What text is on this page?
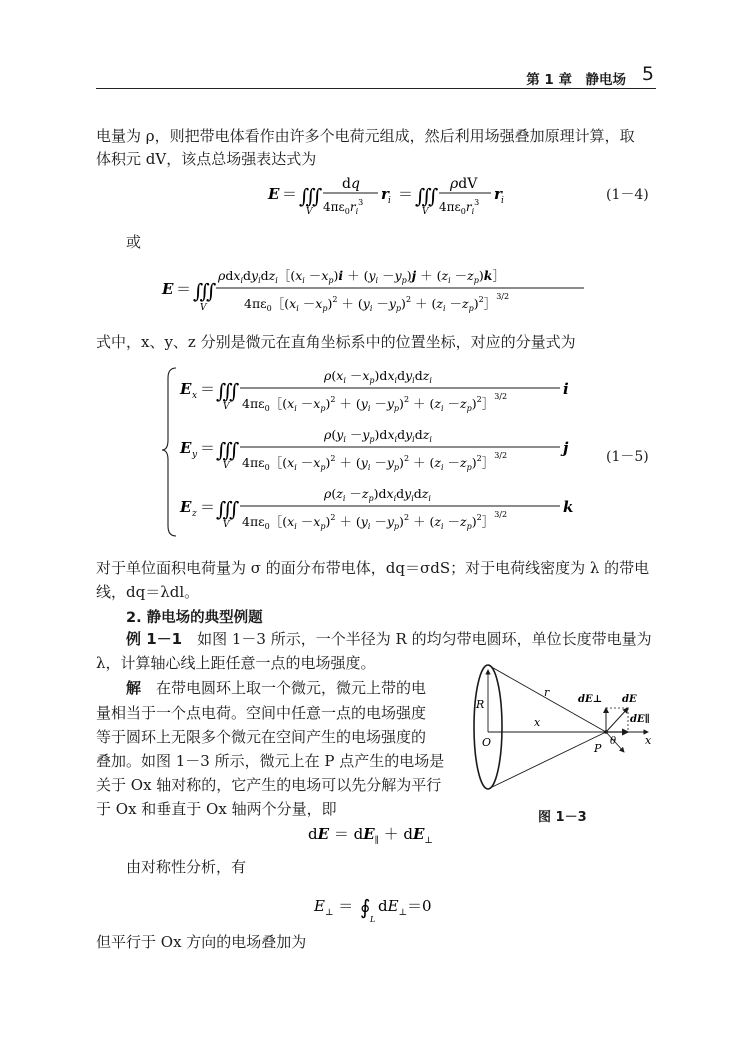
第 1 章　静电场 5
电量为 ρ，则把带电体看作由许多个电荷元组成，然后利用场强叠加原理计算，取
体积元 dV，该点总场强表达式为
E ＝ ∭
V
dq
$4\pi\varepsilon_0r_i^3$ r i ＝ ∭
V
ρdV
$4\pi\varepsilon_0r_i^3$ r i	(1－4)
或
E ＝ ∭
V
$\rho dx_idy_idz_i[(x_i -x_p)i + (y_i -y_p)j + (z_i$ $-z_p)k]$
$4\pi\varepsilon_0[(x_i -x_p)^2 + (y_i -y_p)^2 + (z_i$ $-z_p)^2]^{3/2}$
式中，x、y、z 分别是微元在直角坐标系中的位置坐标，对应的分量式为
E x ＝ ∭
V
$\rho(x_i -x_p)dx_idy_idz_i$
$4\pi\varepsilon_0[(x_i -x_p)^2 + (y_i -y_p)^2 + (z_i$ $-z_p)^2]^{3/2}$	i
E y ＝ ∭
V
$\rho(y_i -y_p)dx_idy_idz_i$
$4\pi\varepsilon_0[(x_i -x_p)^2 + (y_i -y_p)^2 + (z_i$ $-z_p)^2]^{3/2}$	j
E z ＝ ∭
V
$\rho(z_i -z_p)dx_idy_idz_i$
$4\pi\varepsilon_0[(x_i -x_p)^2 + (y_i -y_p)^2 + (z_i$ $-z_p)^2]^{3/2}$	k
(1－5)
对于单位面积电荷量为 σ 的面分布带电体，dq＝σdS；对于电荷线密度为 λ 的带电
线，dq＝λdl。
2. 静电场的典型例题
例 1－1　如图 1－3 所示，一个半径为 R 的均匀带电圆环，单位长度带电量为
λ，计算轴心线上距任意一点的电场强度。
解　在带电圆环上取一个微元，微元上带的电
量相当于一个点电荷。空间中任意一点的电场强度
等于圆环上无限多个微元在空间产生的电场强度的
叠加。如图 1－3 所示，微元上在 P 点产生的电场是
关于 Ox 轴对称的，它产生的电场可以先分解为平行
于 Ox 和垂直于 Ox 轴两个分量，即
R
r
x
O	P
θ	x
dE⊥ dE
dE∥
图 1－3
dE ＝ $dE_\parallel + dE_\perp$
由对称性分析，有
$E_\perp$ ＝ ∮
L
$dE_\perp=0$
但平行于 Ox 方向的电场叠加为
